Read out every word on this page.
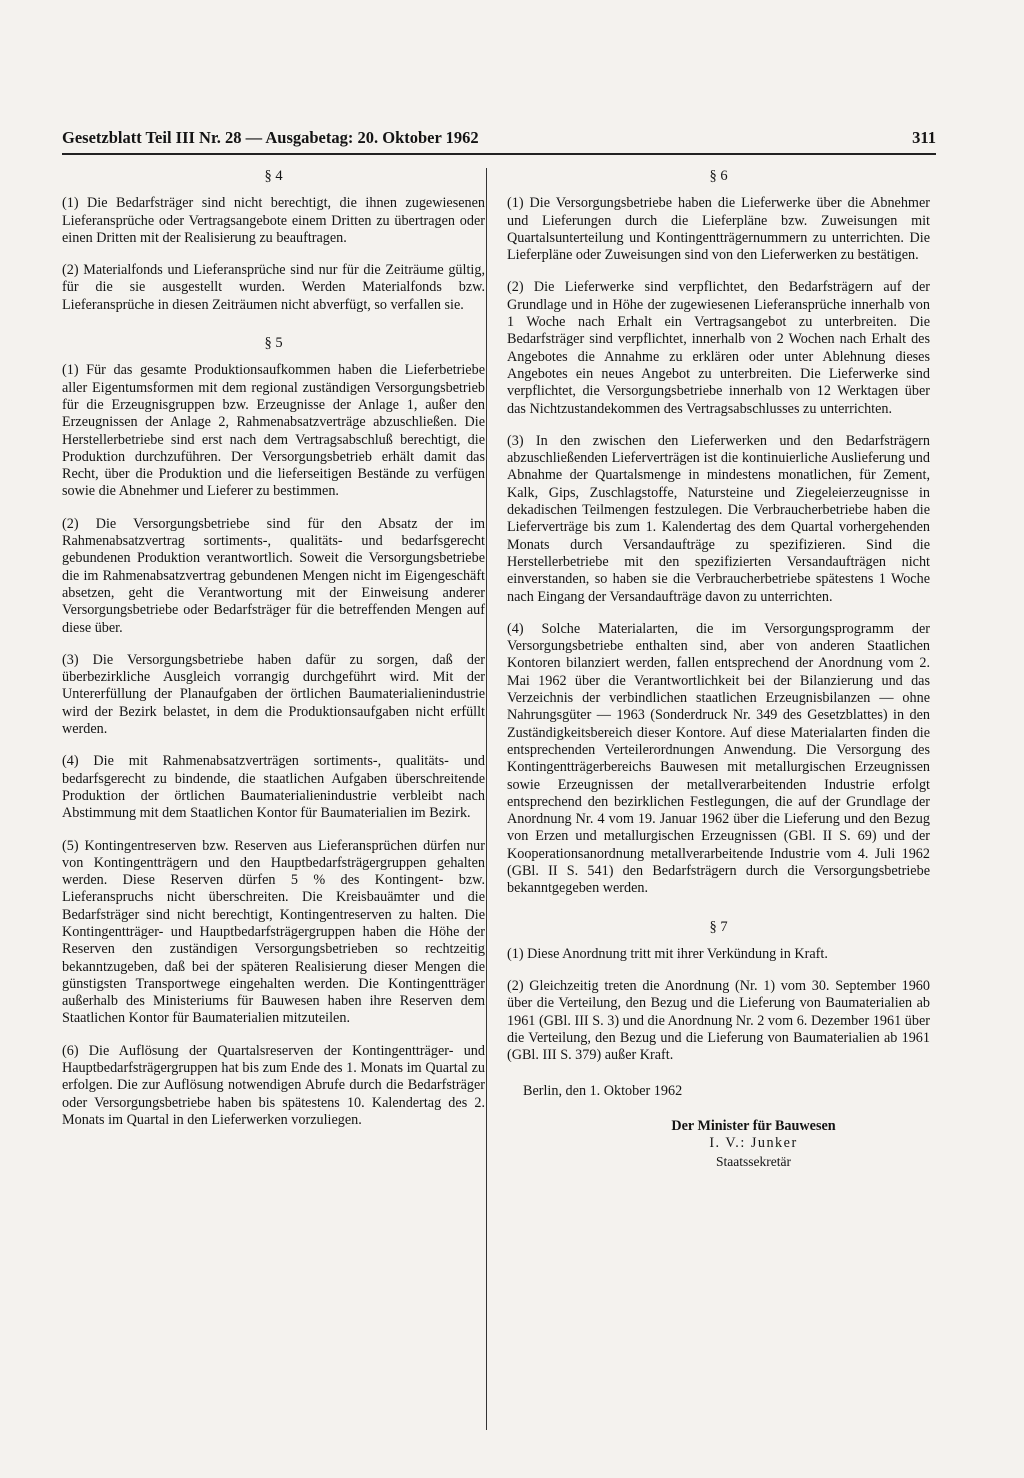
Gesetzblatt Teil III Nr. 28 — Ausgabetag: 20. Oktober 1962	311
§ 4

(1) Die Bedarfsträger sind nicht berechtigt, die ihnen zugewiesenen Lieferansprüche oder Vertragsangebote einem Dritten zu übertragen oder einen Dritten mit der Realisierung zu beauftragen.

(2) Materialfonds und Lieferansprüche sind nur für die Zeiträume gültig, für die sie ausgestellt wurden. Werden Materialfonds bzw. Lieferansprüche in diesen Zeiträumen nicht abverfügt, so verfallen sie.

§ 5

(1) Für das gesamte Produktionsaufkommen haben die Lieferbetriebe aller Eigentumsformen mit dem regional zuständigen Versorgungsbetrieb für die Erzeugnisgruppen bzw. Erzeugnisse der Anlage 1, außer den Erzeugnissen der Anlage 2, Rahmenabsatzverträge abzuschließen. Die Herstellerbetriebe sind erst nach dem Vertragsabschluß berechtigt, die Produktion durchzuführen. Der Versorgungsbetrieb erhält damit das Recht, über die Produktion und die lieferseitigen Bestände zu verfügen sowie die Abnehmer und Lieferer zu bestimmen.

(2) Die Versorgungsbetriebe sind für den Absatz der im Rahmenabsatzvertrag sortiments-, qualitäts- und bedarfsgerecht gebundenen Produktion verantwortlich. Soweit die Versorgungsbetriebe die im Rahmenabsatzvertrag gebundenen Mengen nicht im Eigengeschäft absetzen, geht die Verantwortung mit der Einweisung anderer Versorgungsbetriebe oder Bedarfsträger für die betreffenden Mengen auf diese über.

(3) Die Versorgungsbetriebe haben dafür zu sorgen, daß der überbezirkliche Ausgleich vorrangig durchgeführt wird. Mit der Untererfüllung der Planaufgaben der örtlichen Baumaterialienindustrie wird der Bezirk belastet, in dem die Produktionsaufgaben nicht erfüllt werden.

(4) Die mit Rahmenabsatzverträgen sortiments-, qualitäts- und bedarfsgerecht zu bindende, die staatlichen Aufgaben überschreitende Produktion der örtlichen Baumaterialienindustrie verbleibt nach Abstimmung mit dem Staatlichen Kontor für Baumaterialien im Bezirk.

(5) Kontingentreserven bzw. Reserven aus Lieferansprüchen dürfen nur von Kontingentträgern und den Hauptbedarfsträgergruppen gehalten werden. Diese Reserven dürfen 5 % des Kontingent- bzw. Lieferanspruchs nicht überschreiten. Die Kreisbauämter und die Bedarfsträger sind nicht berechtigt, Kontingentreserven zu halten. Die Kontingentträger- und Hauptbedarfsträgergruppen haben die Höhe der Reserven den zuständigen Versorgungsbetrieben so rechtzeitig bekanntzugeben, daß bei der späteren Realisierung dieser Mengen die günstigsten Transportwege eingehalten werden. Die Kontingentträger außerhalb des Ministeriums für Bauwesen haben ihre Reserven dem Staatlichen Kontor für Baumaterialien mitzuteilen.

(6) Die Auflösung der Quartalsreserven der Kontingentträger- und Hauptbedarfsträgergruppen hat bis zum Ende des 1. Monats im Quartal zu erfolgen. Die zur Auflösung notwendigen Abrufe durch die Bedarfsträger oder Versorgungsbetriebe haben bis spätestens 10. Kalendertag des 2. Monats im Quartal in den Lieferwerken vorzuliegen.

§ 6

(1) Die Versorgungsbetriebe haben die Lieferwerke über die Abnehmer und Lieferungen durch die Lieferpläne bzw. Zuweisungen mit Quartalsunterteilung und Kontingentträgernummern zu unterrichten. Die Lieferpläne oder Zuweisungen sind von den Lieferwerken zu bestätigen.

(2) Die Lieferwerke sind verpflichtet, den Bedarfsträgern auf der Grundlage und in Höhe der zugewiesenen Lieferansprüche innerhalb von 1 Woche nach Erhalt ein Vertragsangebot zu unterbreiten. Die Bedarfsträger sind verpflichtet, innerhalb von 2 Wochen nach Erhalt des Angebotes die Annahme zu erklären oder unter Ablehnung dieses Angebotes ein neues Angebot zu unterbreiten. Die Lieferwerke sind verpflichtet, die Versorgungsbetriebe innerhalb von 12 Werktagen über das Nichtzustandekommen des Vertragsabschlusses zu unterrichten.

(3) In den zwischen den Lieferwerken und den Bedarfsträgern abzuschließenden Lieferverträgen ist die kontinuierliche Auslieferung und Abnahme der Quartalsmenge in mindestens monatlichen, für Zement, Kalk, Gips, Zuschlagstoffe, Natursteine und Ziegeleierzeugnisse in dekadischen Teilmengen festzulegen. Die Verbraucherbetriebe haben die Lieferverträge bis zum 1. Kalendertag des dem Quartal vorhergehenden Monats durch Versandaufträge zu spezifizieren. Sind die Herstellerbetriebe mit den spezifizierten Versandaufträgen nicht einverstanden, so haben sie die Verbraucherbetriebe spätestens 1 Woche nach Eingang der Versandaufträge davon zu unterrichten.

(4) Solche Materialarten, die im Versorgungsprogramm der Versorgungsbetriebe enthalten sind, aber von anderen Staatlichen Kontoren bilanziert werden, fallen entsprechend der Anordnung vom 2. Mai 1962 über die Verantwortlichkeit bei der Bilanzierung und das Verzeichnis der verbindlichen staatlichen Erzeugnisbilanzen — ohne Nahrungsgüter — 1963 (Sonderdruck Nr. 349 des Gesetzblattes) in den Zuständigkeitsbereich dieser Kontore. Auf diese Materialarten finden die entsprechenden Verteilerordnungen Anwendung. Die Versorgung des Kontingentträgerbereichs Bauwesen mit metallurgischen Erzeugnissen sowie Erzeugnissen der metallverarbeitenden Industrie erfolgt entsprechend den bezirklichen Festlegungen, die auf der Grundlage der Anordnung Nr. 4 vom 19. Januar 1962 über die Lieferung und den Bezug von Erzen und metallurgischen Erzeugnissen (GBl. II S. 69) und der Kooperationsanordnung metallverarbeitende Industrie vom 4. Juli 1962 (GBl. II S. 541) den Bedarfsträgern durch die Versorgungsbetriebe bekanntgegeben werden.

§ 7

(1) Diese Anordnung tritt mit ihrer Verkündung in Kraft.

(2) Gleichzeitig treten die Anordnung (Nr. 1) vom 30. September 1960 über die Verteilung, den Bezug und die Lieferung von Baumaterialien ab 1961 (GBl. III S. 3) und die Anordnung Nr. 2 vom 6. Dezember 1961 über die Verteilung, den Bezug und die Lieferung von Baumaterialien ab 1961 (GBl. III S. 379) außer Kraft.

Berlin, den 1. Oktober 1962

Der Minister für Bauwesen

I. V.: Junker

Staatssekretär
